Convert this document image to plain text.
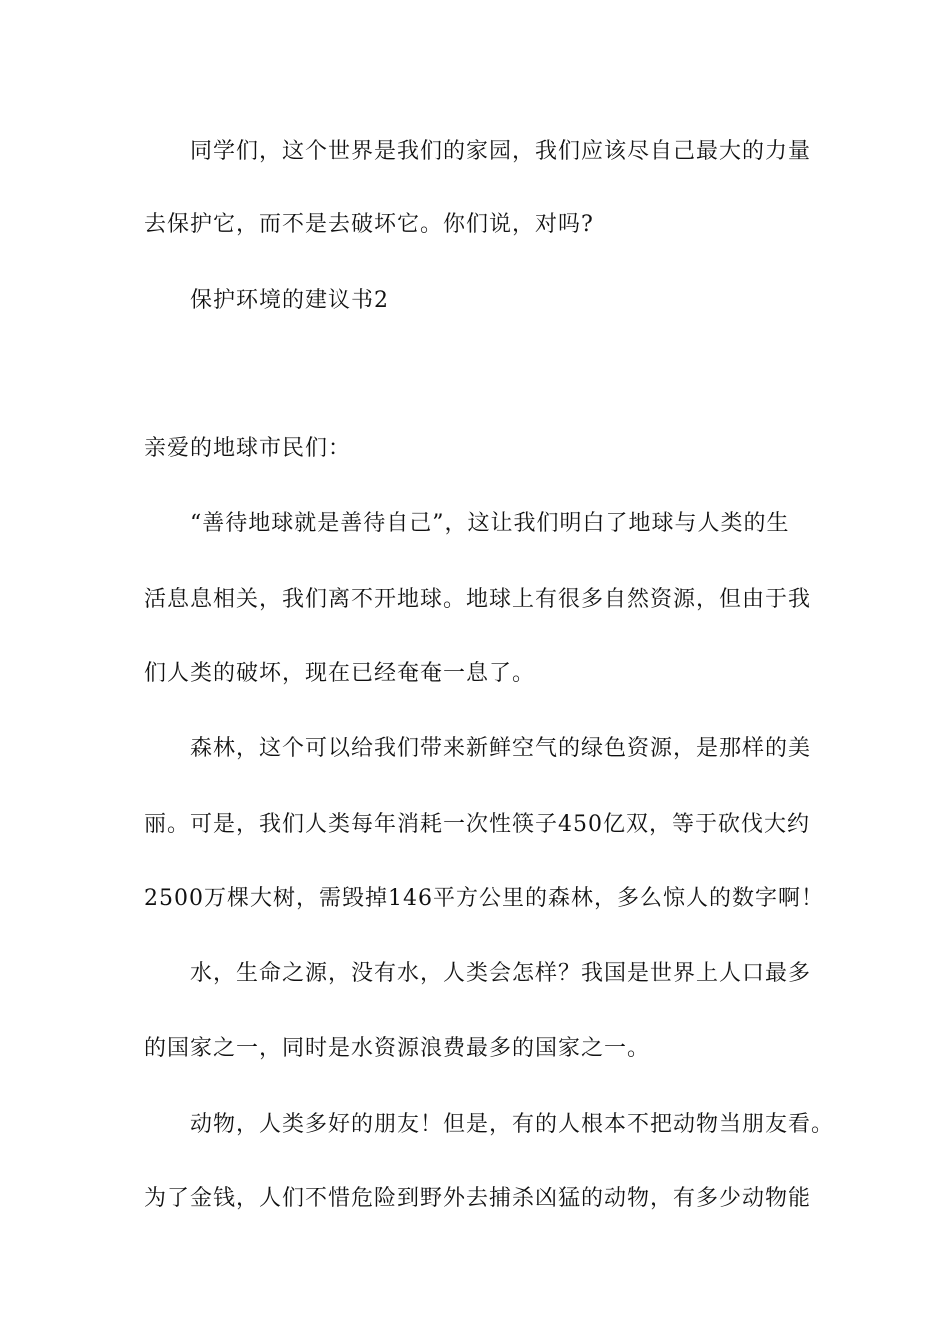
同学们，这个世界是我们的家园，我们应该尽自己最大的力量
去保护它，而不是去破坏它。你们说，对吗?
保护环境的建议书2
亲爱的地球市民们：
“善待地球就是善待自己”，这让我们明白了地球与人类的生
活息息相关，我们离不开地球。地球上有很多自然资源，但由于我
们人类的破坏，现在已经奄奄一息了。
森林，这个可以给我们带来新鲜空气的绿色资源，是那样的美
丽。可是，我们人类每年消耗一次性筷子450亿双，等于砍伐大约
2500万棵大树，需毁掉146平方公里的森林，多么惊人的数字啊！
水，生命之源，没有水，人类会怎样？我国是世界上人口最多
的国家之一，同时是水资源浪费最多的国家之一。
动物，人类多好的朋友！但是，有的人根本不把动物当朋友看。
为了金钱，人们不惜危险到野外去捕杀凶猛的动物，有多少动物能
